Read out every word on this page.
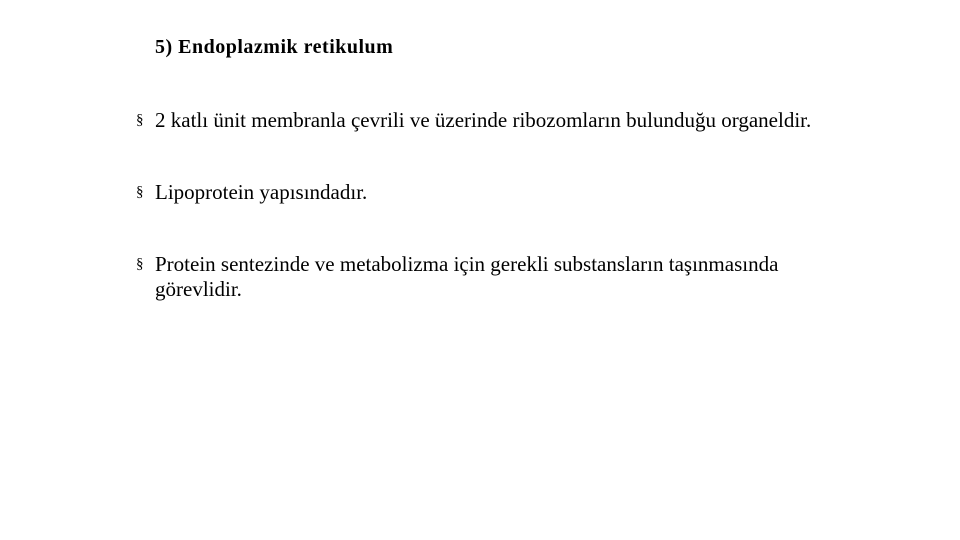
5) Endoplazmik retikulum
§ 2 katlı ünit membranla çevrili ve üzerinde ribozomların bulunduğu organeldir.
§ Lipoprotein yapısındadır.
§ Protein sentezinde ve metabolizma için gerekli substansların taşınmasında görevlidir.
